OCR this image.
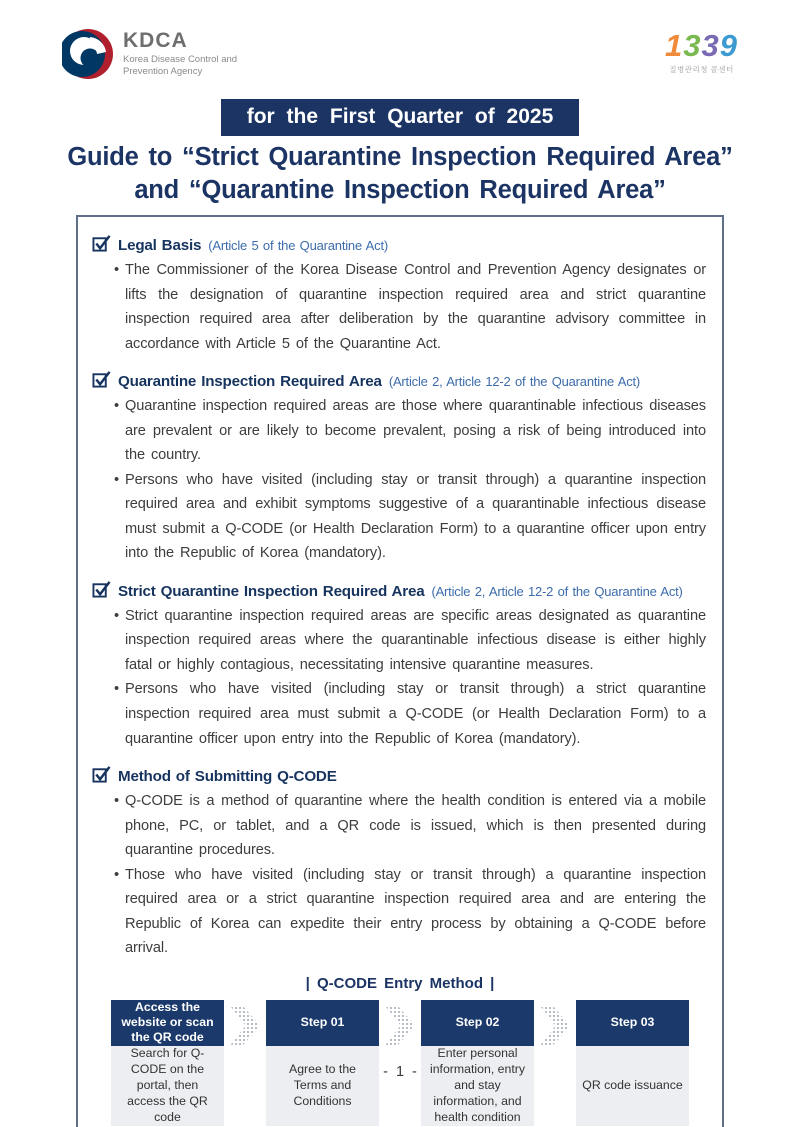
KDCA
Korea Disease Control and Prevention Agency
1339
질병관리청 콜센터
for the First Quarter of 2025
Guide to “Strict Quarantine Inspection Required Area”
and “Quarantine Inspection Required Area”
Legal Basis (Article 5 of the Quarantine Act)
• The Commissioner of the Korea Disease Control and Prevention Agency designates or lifts the designation of quarantine inspection required area and strict quarantine inspection required area after deliberation by the quarantine advisory committee in accordance with Article 5 of the Quarantine Act.
Quarantine Inspection Required Area (Article 2, Article 12-2 of the Quarantine Act)
• Quarantine inspection required areas are those where quarantinable infectious diseases are prevalent or are likely to become prevalent, posing a risk of being introduced into the country.
• Persons who have visited (including stay or transit through) a quarantine inspection required area and exhibit symptoms suggestive of a quarantinable infectious disease must submit a Q-CODE (or Health Declaration Form) to a quarantine officer upon entry into the Republic of Korea (mandatory).
Strict Quarantine Inspection Required Area (Article 2, Article 12-2 of the Quarantine Act)
• Strict quarantine inspection required areas are specific areas designated as quarantine inspection required areas where the quarantinable infectious disease is either highly fatal or highly contagious, necessitating intensive quarantine measures.
• Persons who have visited (including stay or transit through) a strict quarantine inspection required area must submit a Q-CODE (or Health Declaration Form) to a quarantine officer upon entry into the Republic of Korea (mandatory).
Method of Submitting Q-CODE
• Q-CODE is a method of quarantine where the health condition is entered via a mobile phone, PC, or tablet, and a QR code is issued, which is then presented during quarantine procedures.
• Those who have visited (including stay or transit through) a quarantine inspection required area or a strict quarantine inspection required area and are entering the Republic of Korea can expedite their entry process by obtaining a Q-CODE before arrival.
| Q-CODE Entry Method |
Access the website or scan the QR code
Search for Q-CODE on the portal, then access the QR code
Step 01
Agree to the Terms and Conditions
Step 02
Enter personal information, entry and stay information, and health condition
Step 03
QR code issuance
- 1 -
